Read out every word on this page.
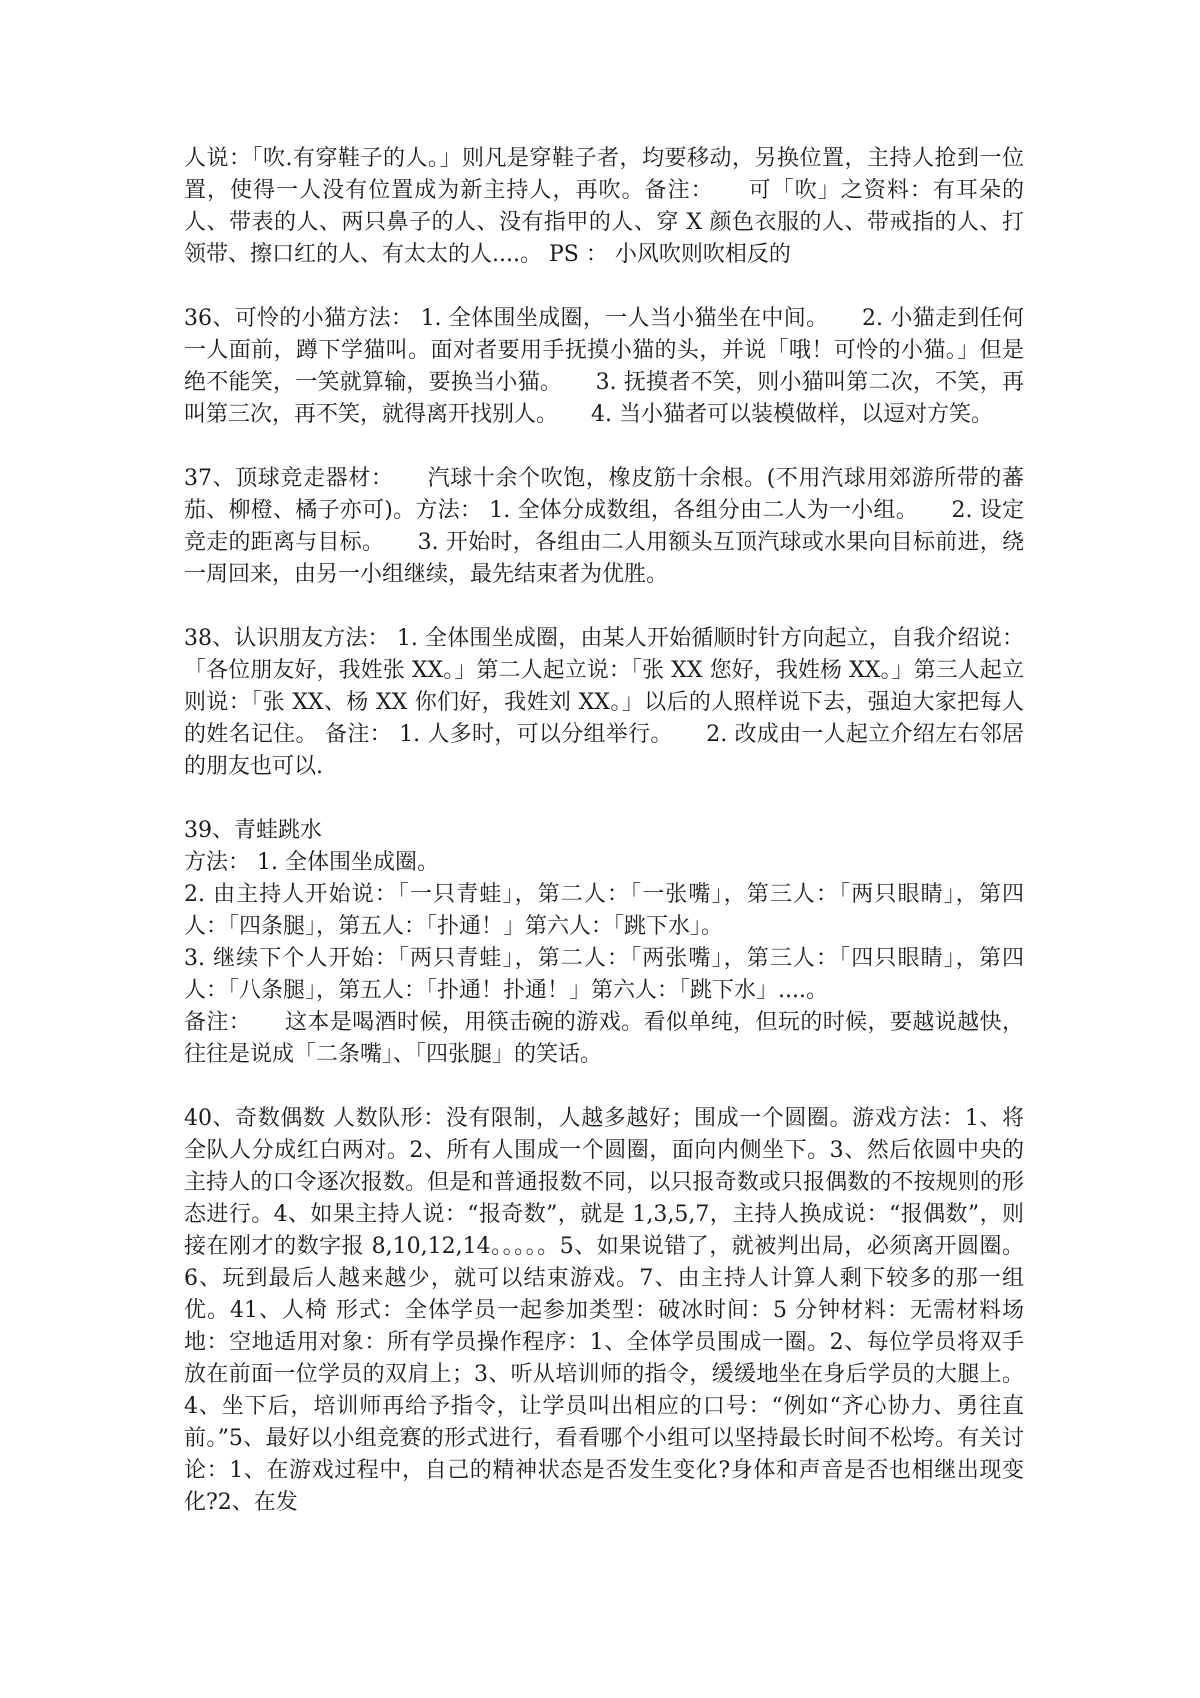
人说：「吹.有穿鞋子的人。」则凡是穿鞋子者，均要移动，另换位置，主持人抢到一位置，使得一人没有位置成为新主持人，再吹。备注：　　可「吹」之资料：有耳朵的人、带表的人、两只鼻子的人、没有指甲的人、穿 X 颜色衣服的人、带戒指的人、打领带、擦口红的人、有太太的人....。 PS ： 小风吹则吹相反的

36、可怜的小猫方法： 1. 全体围坐成圈，一人当小猫坐在中间。　　2. 小猫走到任何一人面前，蹲下学猫叫。面对者要用手抚摸小猫的头，并说「哦！可怜的小猫。」但是绝不能笑，一笑就算输，要换当小猫。　　3. 抚摸者不笑，则小猫叫第二次，不笑，再叫第三次，再不笑，就得离开找别人。　　4. 当小猫者可以装模做样，以逗对方笑。

37、顶球竞走器材：　　汽球十余个吹饱，橡皮筋十余根。(不用汽球用郊游所带的蕃茄、柳橙、橘子亦可)。方法： 1. 全体分成数组，各组分由二人为一小组。　　2. 设定竞走的距离与目标。　　3. 开始时，各组由二人用额头互顶汽球或水果向目标前进，绕一周回来，由另一小组继续，最先结束者为优胜。

38、认识朋友方法： 1. 全体围坐成圈，由某人开始循顺时针方向起立，自我介绍说：「各位朋友好，我姓张 XX。」第二人起立说：「张 XX 您好，我姓杨 XX。」第三人起立则说：「张 XX、杨 XX 你们好，我姓刘 XX。」以后的人照样说下去，强迫大家把每人的姓名记住。 备注： 1. 人多时，可以分组举行。　　2. 改成由一人起立介绍左右邻居的朋友也可以.

39、青蛙跳水

方法： 1. 全体围坐成圈。

2. 由主持人开始说：「一只青蛙」，第二人：「一张嘴」，第三人：「两只眼睛」，第四人：「四条腿」，第五人：「扑通！」第六人：「跳下水」。

3. 继续下个人开始：「两只青蛙」，第二人：「两张嘴」，第三人：「四只眼睛」，第四人：「八条腿」，第五人：「扑通！扑通！」第六人：「跳下水」....。

备注：　　这本是喝酒时候，用筷击碗的游戏。看似单纯，但玩的时候，要越说越快，往往是说成「二条嘴」、「四张腿」的笑话。

40、奇数偶数 人数队形：没有限制，人越多越好；围成一个圆圈。游戏方法：1、将全队人分成红白两对。2、所有人围成一个圆圈，面向内侧坐下。3、然后依圆中央的主持人的口令逐次报数。但是和普通报数不同，以只报奇数或只报偶数的不按规则的形态进行。4、如果主持人说：“报奇数”，就是 1,3,5,7，主持人换成说：“报偶数”，则接在刚才的数字报 8,10,12,14。。。。。5、如果说错了，就被判出局，必须离开圆圈。6、玩到最后人越来越少，就可以结束游戏。7、由主持人计算人剩下较多的那一组优。41、人椅 形式：全体学员一起参加类型：破冰时间：5 分钟材料：无需材料场地：空地适用对象：所有学员操作程序：1、全体学员围成一圈。2、每位学员将双手放在前面一位学员的双肩上；3、听从培训师的指令，缓缓地坐在身后学员的大腿上。4、坐下后，培训师再给予指令，让学员叫出相应的口号：“例如“齐心协力、勇往直前。”5、最好以小组竞赛的形式进行，看看哪个小组可以坚持最长时间不松垮。有关讨论：1、在游戏过程中，自己的精神状态是否发生变化?身体和声音是否也相继出现变化?2、在发
